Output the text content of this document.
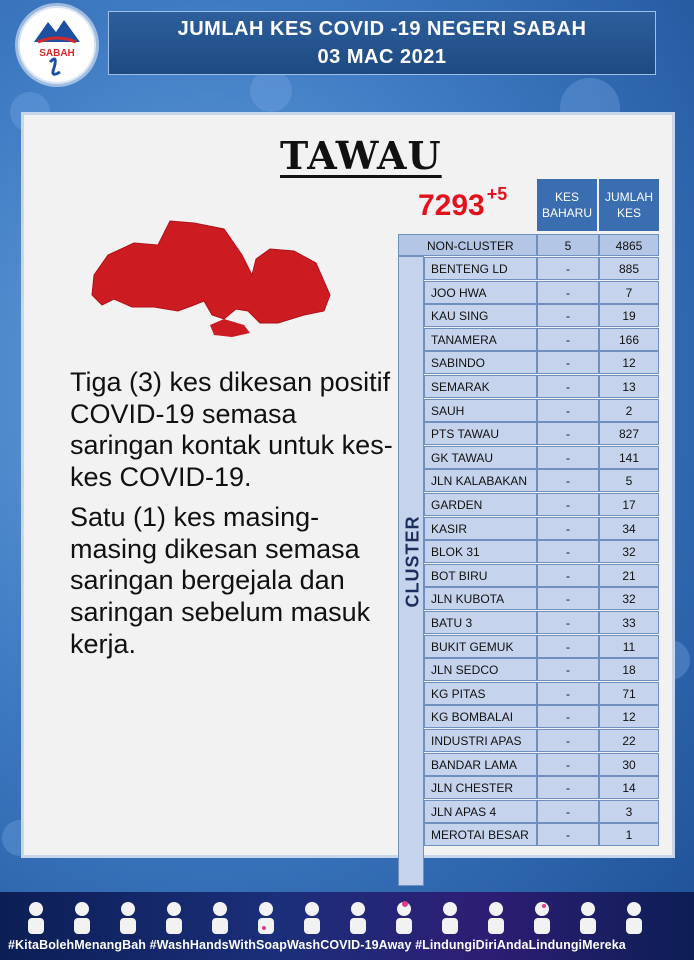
SABAH
JUMLAH KES COVID -19 NEGERI SABAH
03 MAC 2021
TAWAU
7293 $^{+5}$

Tiga (3) kes dikesan positif COVID-19 semasa saringan kontak untuk kes-kes COVID-19.

Satu (1) kes masing-masing dikesan semasa saringan bergejala dan saringan sebelum masuk kerja.

KES BAHARU
JUMLAH KES
NON-CLUSTER	5	4865
CLUSTER
BENTENG LD	-	885
JOO HWA	-	7
KAU SING	-	19
TANAMERA	-	166
SABINDO	-	12
SEMARAK	-	13
SAUH	-	2
PTS TAWAU	-	827
GK TAWAU	-	141
JLN KALABAKAN	-	5
GARDEN	-	17
KASIR	-	34
BLOK 31	-	32
BOT BIRU	-	21
JLN KUBOTA	-	32
BATU 3	-	33
BUKIT GEMUK	-	11
JLN SEDCO	-	18
KG PITAS	-	71
KG BOMBALAI	-	12
INDUSTRI APAS	-	22
BANDAR LAMA	-	30
JLN CHESTER	-	14
JLN APAS 4	-	3
MEROTAI BESAR	-	1
#KitaBolehMenangBah #WashHandsWithSoapWashCOVID-19Away #LindungiDiriAndaLindungiMereka
